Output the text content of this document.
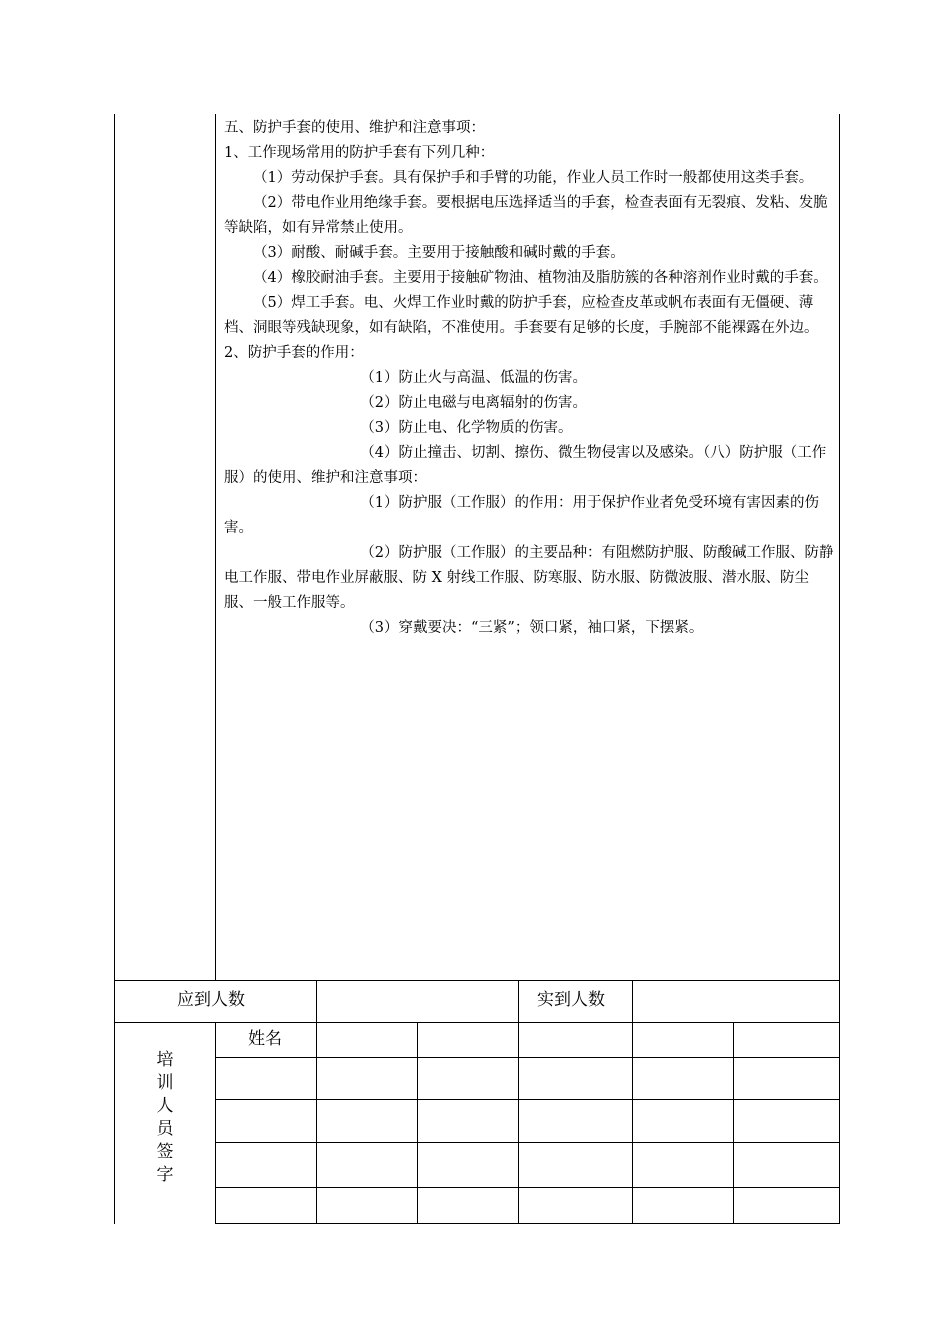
五、防护手套的使用、维护和注意事项：

1、工作现场常用的防护手套有下列几种：

（1）劳动保护手套。具有保护手和手臂的功能，作业人员工作时一般都使用这类手套。

（2）带电作业用绝缘手套。要根据电压选择适当的手套，检查表面有无裂痕、发粘、发脆等缺陷，如有异常禁止使用。

（3）耐酸、耐碱手套。主要用于接触酸和碱时戴的手套。

（4）橡胶耐油手套。主要用于接触矿物油、植物油及脂肪簇的各种溶剂作业时戴的手套。

（5）焊工手套。电、火焊工作业时戴的防护手套，应检查皮革或帆布表面有无僵硬、薄档、洞眼等残缺现象，如有缺陷，不准使用。手套要有足够的长度，手腕部不能裸露在外边。

2、防护手套的作用：

（1）防止火与高温、低温的伤害。

（2）防止电磁与电离辐射的伤害。

（3）防止电、化学物质的伤害。

（4）防止撞击、切割、擦伤、微生物侵害以及感染。（八）防护服（工作服）的使用、维护和注意事项：

（1）防护服（工作服）的作用：用于保护作业者免受环境有害因素的伤害。

（2）防护服（工作服）的主要品种：有阻燃防护服、防酸碱工作服、防静电工作服、带电作业屏蔽服、防 X 射线工作服、防寒服、防水服、防微波服、潜水服、防尘服、一般工作服等。

（3）穿戴要决：“三紧”；领口紧，袖口紧，下摆紧。

应到人数	实到人数
培
训
人
员
签
字
姓名
